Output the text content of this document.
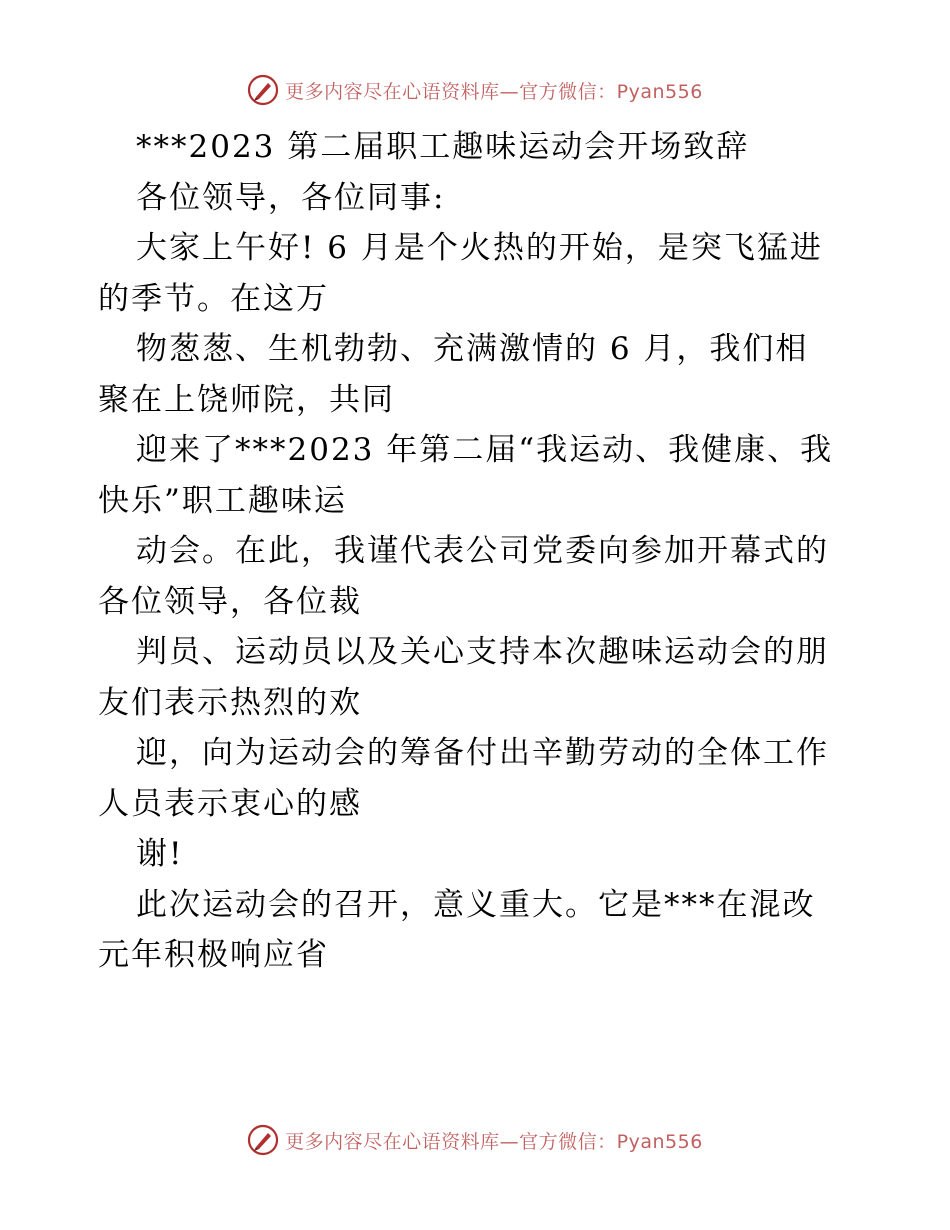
更多内容尽在心语资料库—官方微信：Pyan556
***2023 第二届职工趣味运动会开场致辞
各位领导，各位同事:
大家上午好! 6 月是个火热的开始，是突飞猛进
的季节。在这万
物葱葱、生机勃勃、充满激情的 6 月，我们相
聚在上饶师院，共同
迎来了***2023 年第二届“我运动、我健康、我
快乐”职工趣味运
动会。在此，我谨代表公司党委向参加开幕式的
各位领导，各位裁
判员、运动员以及关心支持本次趣味运动会的朋
友们表示热烈的欢
迎，向为运动会的筹备付出辛勤劳动的全体工作
人员表示衷心的感
谢!
此次运动会的召开，意义重大。它是***在混改
元年积极响应省
更多内容尽在心语资料库—官方微信：Pyan556
